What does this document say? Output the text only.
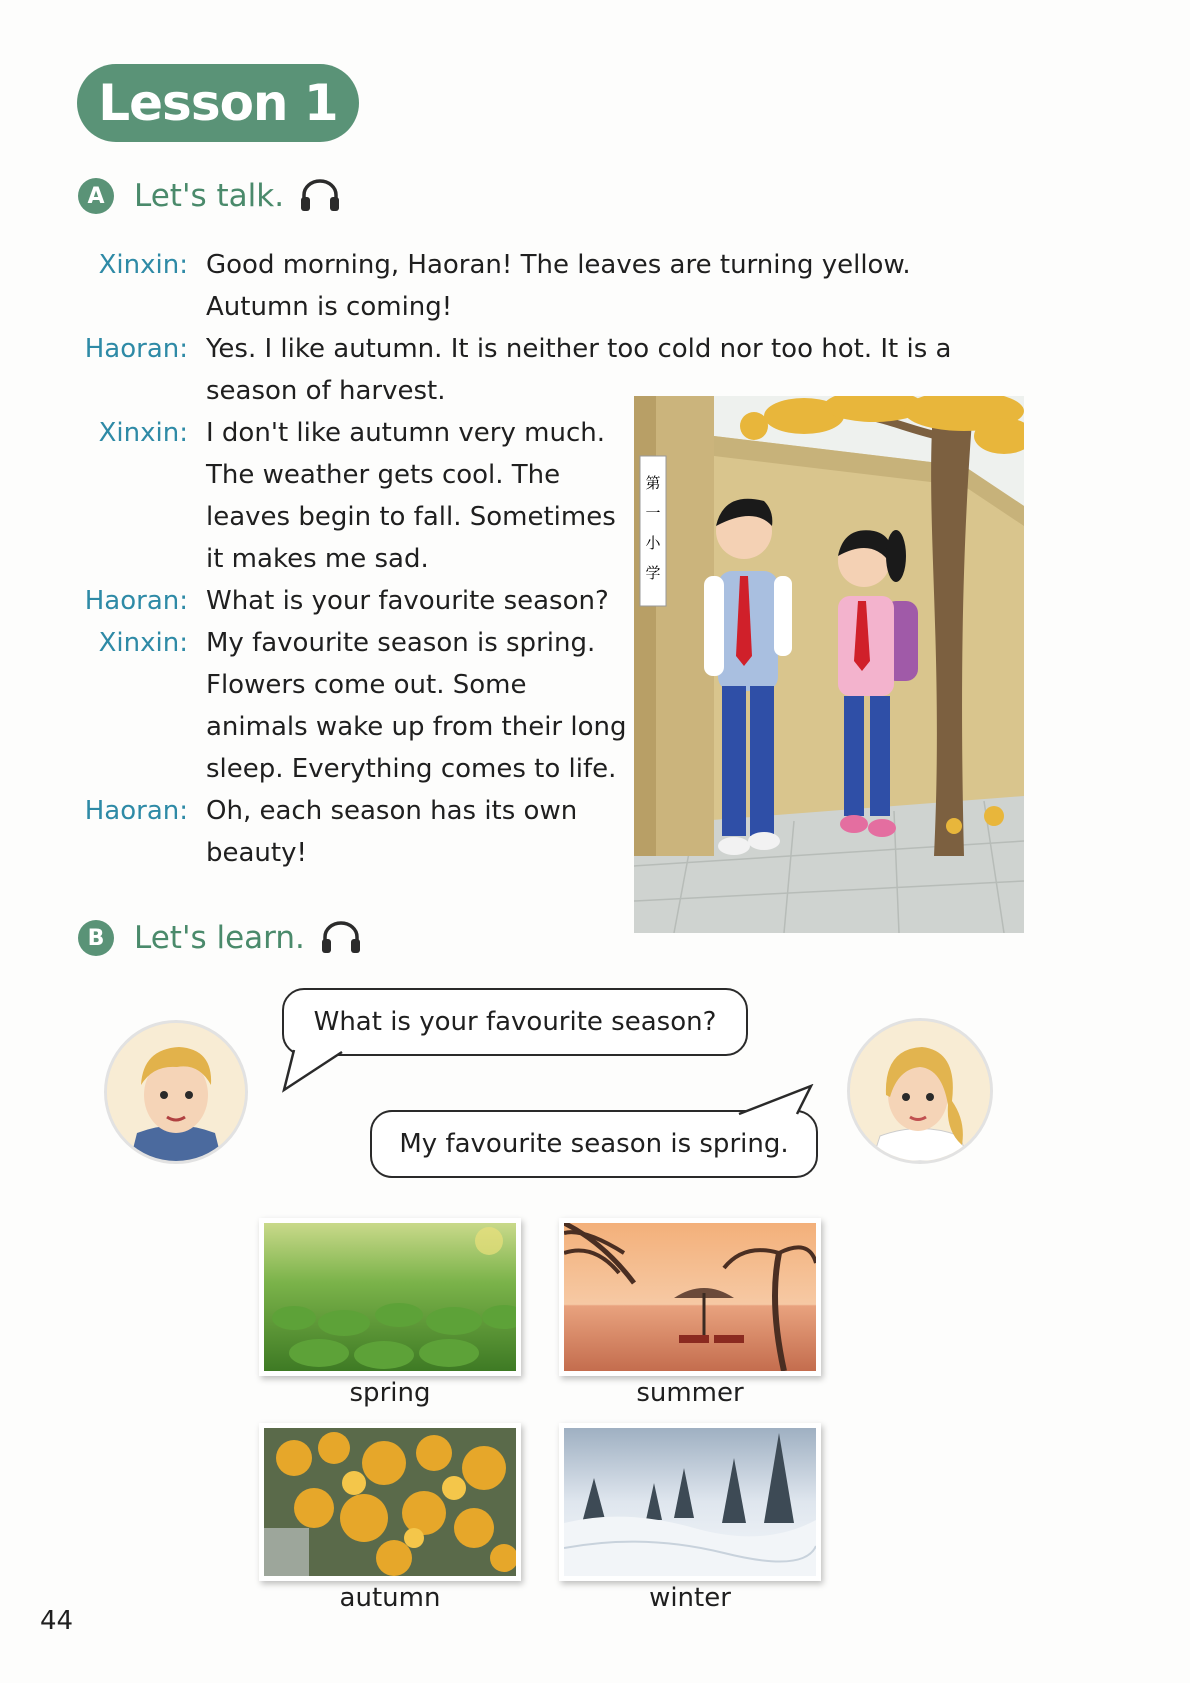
Lesson 1
A Let's talk.
Xinxin: Good morning, Haoran! The leaves are turning yellow.
Autumn is coming!
Haoran: Yes. I like autumn. It is neither too cold nor too hot. It is a
season of harvest.
Xinxin: I don't like autumn very much.
The weather gets cool. The
leaves begin to fall. Sometimes
it makes me sad.
Haoran: What is your favourite season?
Xinxin: My favourite season is spring.
Flowers come out. Some
animals wake up from their long
sleep. Everything comes to life.
Haoran: Oh, each season has its own
beauty!
第
一
小
学
B Let's learn.
What is your favourite season?
My favourite season is spring.
spring	summer
autumn	winter
44
